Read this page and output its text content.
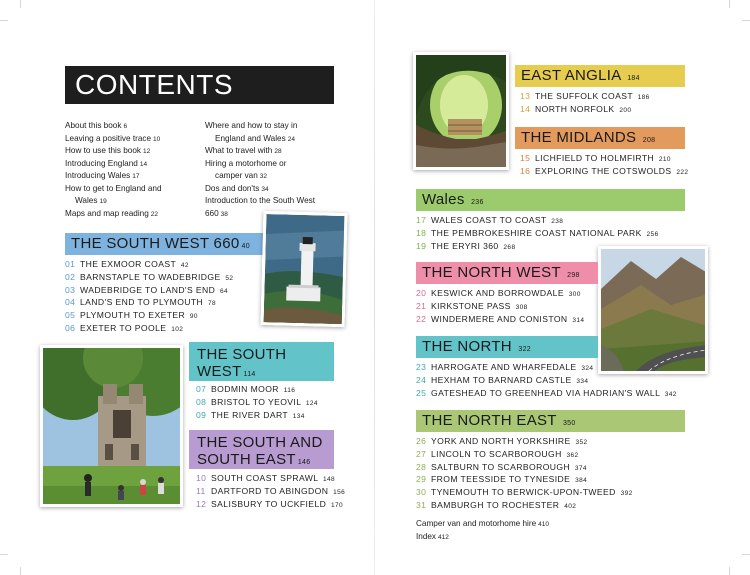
CONTENTS
About this book 6
Leaving a positive trace 10
How to use this book 12
Introducing England 14
Introducing Wales 17
How to get to England and
Wales 19
Maps and map reading 22
Where and how to stay in
England and Wales 24
What to travel with 28
Hiring a motorhome or
camper van 32
Dos and don'ts 34
Introduction to the South West
660 38
THE SOUTH WEST 660 40
01 THE EXMOOR COAST 42
02 BARNSTAPLE TO WADEBRIDGE 52
03 WADEBRIDGE TO LAND'S END 64
04 LAND'S END TO PLYMOUTH 78
05 PLYMOUTH TO EXETER 90
06 EXETER TO POOLE 102
THE SOUTH
WEST 114
07 BODMIN MOOR 116
08 BRISTOL TO YEOVIL 124
09 THE RIVER DART 134
THE SOUTH AND
SOUTH EAST 146
10 SOUTH COAST SPRAWL 148
11 DARTFORD TO ABINGDON 156
12 SALISBURY TO UCKFIELD 170
EAST ANGLIA 184
13 THE SUFFOLK COAST 186
14 NORTH NORFOLK 200
THE MIDLANDS 208
15 LICHFIELD TO HOLMFIRTH 210
16 EXPLORING THE COTSWOLDS 222
Wales 236
17 WALES COAST TO COAST 238
18 THE PEMBROKESHIRE COAST NATIONAL PARK 256
19 THE ERYRI 360 268
THE NORTH WEST 298
20 KESWICK AND BORROWDALE 300
21 KIRKSTONE PASS 308
22 WINDERMERE AND CONISTON 314
THE NORTH 322
23 HARROGATE AND WHARFEDALE 324
24 HEXHAM TO BARNARD CASTLE 334
25 GATESHEAD TO GREENHEAD VIA HADRIAN'S WALL 342
THE NORTH EAST 350
26 YORK AND NORTH YORKSHIRE 352
27 LINCOLN TO SCARBOROUGH 362
28 SALTBURN TO SCARBOROUGH 374
29 FROM TEESSIDE TO TYNESIDE 384
30 TYNEMOUTH TO BERWICK-UPON-TWEED 392
31 BAMBURGH TO ROCHESTER 402
Camper van and motorhome hire 410
Index 412
